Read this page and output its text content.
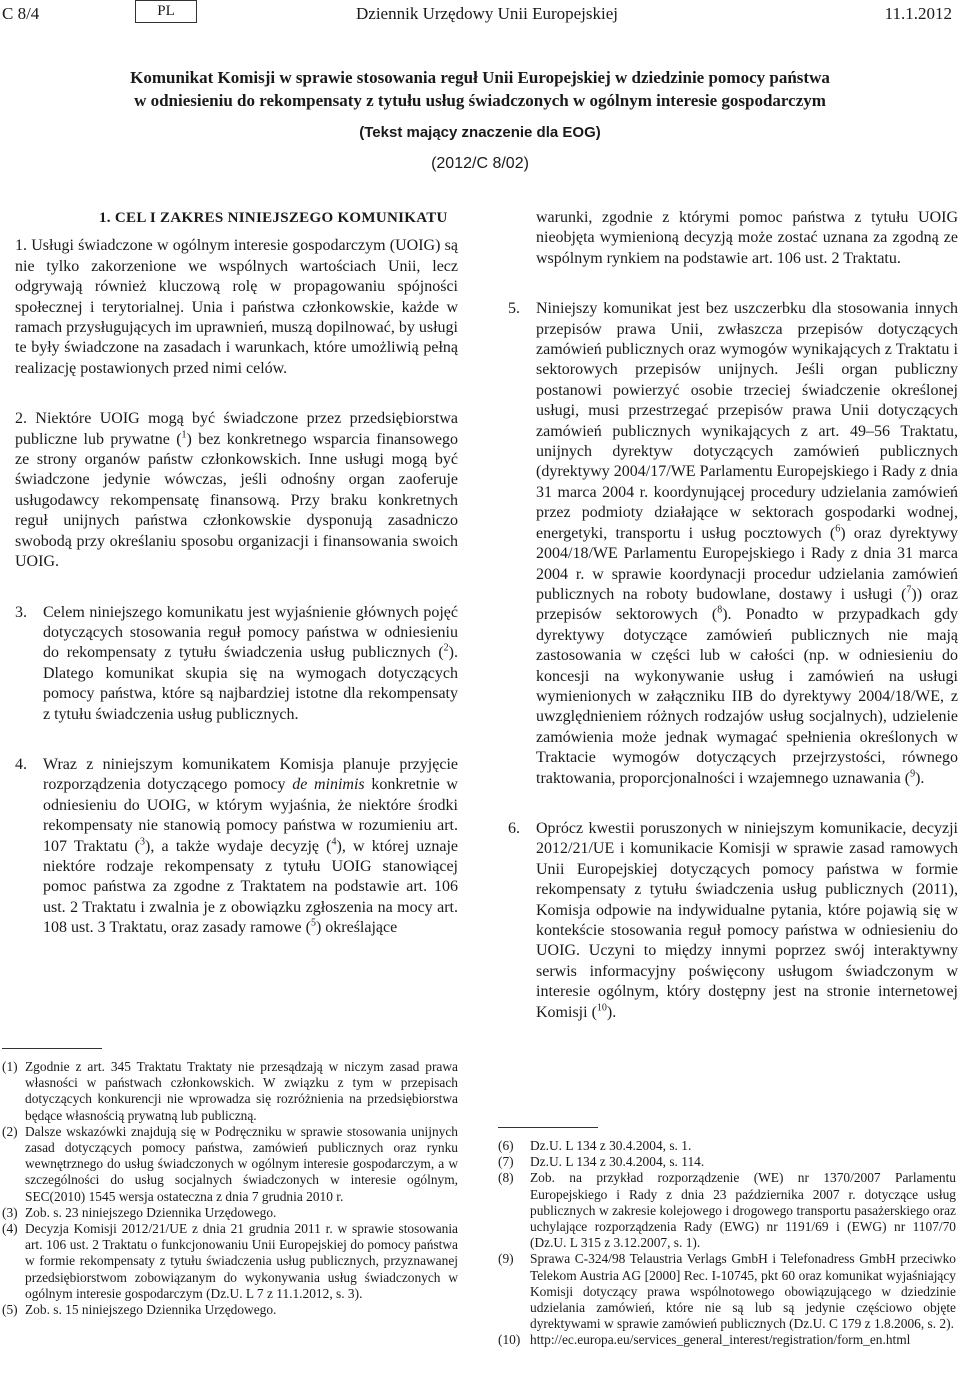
C 8/4	PL	Dziennik Urzędowy Unii Europejskiej	11.1.2012
Komunikat Komisji w sprawie stosowania reguł Unii Europejskiej w dziedzinie pomocy państwa
w odniesieniu do rekompensaty z tytułu usług świadczonych w ogólnym interesie gospodarczym
(Tekst mający znaczenie dla EOG)
(2012/C 8/02)
1. CEL I ZAKRES NINIEJSZEGO KOMUNIKATU

1. Usługi świadczone w ogólnym interesie gospodarczym (UOIG) są nie tylko zakorzenione we wspólnych wartościach Unii, lecz odgrywają również kluczową rolę w propagowaniu spójności społecznej i terytorialnej. Unia i państwa członkowskie, każde w ramach przysługujących im uprawnień, muszą dopilnować, by usługi te były świadczone na zasadach i warunkach, które umożliwią pełną realizację postawionych przed nimi celów.

2. Niektóre UOIG mogą być świadczone przez przedsiębiorstwa publiczne lub prywatne ($^1$) bez konkretnego wsparcia finansowego ze strony organów państw członkowskich. Inne usługi mogą być świadczone jedynie wówczas, jeśli odnośny organ zaoferuje usługodawcy rekompensatę finansową. Przy braku konkretnych reguł unijnych państwa członkowskie dysponują zasadniczo swobodą przy określaniu sposobu organizacji i finansowania swoich UOIG.

3.	Celem niniejszego komunikatu jest wyjaśnienie głównych pojęć dotyczących stosowania reguł pomocy państwa w odniesieniu do rekompensaty z tytułu świadczenia usług publicznych ($^2$). Dlatego komunikat skupia się na wymogach dotyczących pomocy państwa, które są najbardziej istotne dla rekompensaty z tytułu świadczenia usług publicznych.
4.	Wraz z niniejszym komunikatem Komisja planuje przyjęcie rozporządzenia dotyczącego pomocy de minimis konkretnie w odniesieniu do UOIG, w którym wyjaśnia, że niektóre środki rekompensaty nie stanowią pomocy państwa w rozumieniu art. 107 Traktatu ($^3$), a także wydaje decyzję ($^4$), w której uznaje niektóre rodzaje rekompensaty z tytułu UOIG stanowiącej pomoc państwa za zgodne z Traktatem na podstawie art. 106 ust. 2 Traktatu i zwalnia je z obowiązku zgłoszenia na mocy art. 108 ust. 3 Traktatu, oraz zasady ramowe ($^5$) określające
(1) Zgodnie z art. 345 Traktatu Traktaty nie przesądzają w niczym zasad prawa własności w państwach członkowskich. W związku z tym w przepisach dotyczących konkurencji nie wprowadza się rozróżnienia na przedsiębiorstwa będące własnością prywatną lub publiczną.
(2) Dalsze wskazówki znajdują się w Podręczniku w sprawie stosowania unijnych zasad dotyczących pomocy państwa, zamówień publicznych oraz rynku wewnętrznego do usług świadczonych w ogólnym interesie gospodarczym, a w szczególności do usług socjalnych świadczonych w interesie ogólnym, SEC(2010) 1545 wersja ostateczna z dnia 7 grudnia 2010 r.
(3) Zob. s. 23 niniejszego Dziennika Urzędowego.
(4) Decyzja Komisji 2012/21/UE z dnia 21 grudnia 2011 r. w sprawie stosowania art. 106 ust. 2 Traktatu o funkcjonowaniu Unii Europejskiej do pomocy państwa w formie rekompensaty z tytułu świadczenia usług publicznych, przyznawanej przedsiębiorstwom zobowiązanym do wykonywania usług świadczonych w ogólnym interesie gospodarczym (Dz.U. L 7 z 11.1.2012, s. 3).
(5) Zob. s. 15 niniejszego Dziennika Urzędowego.
warunki, zgodnie z którymi pomoc państwa z tytułu UOIG nieobjęta wymienioną decyzją może zostać uznana za zgodną ze wspólnym rynkiem na podstawie art. 106 ust. 2 Traktatu.
5.	Niniejszy komunikat jest bez uszczerbku dla stosowania innych przepisów prawa Unii, zwłaszcza przepisów dotyczących zamówień publicznych oraz wymogów wynikających z Traktatu i sektorowych przepisów unijnych. Jeśli organ publiczny postanowi powierzyć osobie trzeciej świadczenie określonej usługi, musi przestrzegać przepisów prawa Unii dotyczących zamówień publicznych wynikających z art. 49–56 Traktatu, unijnych dyrektyw dotyczących zamówień publicznych (dyrektywy 2004/17/WE Parlamentu Europejskiego i Rady z dnia 31 marca 2004 r. koordynującej procedury udzielania zamówień przez podmioty działające w sektorach gospodarki wodnej, energetyki, transportu i usług pocztowych ($^6$) oraz dyrektywy 2004/18/WE Parlamentu Europejskiego i Rady z dnia 31 marca 2004 r. w sprawie koordynacji procedur udzielania zamówień publicznych na roboty budowlane, dostawy i usługi ($^7$)) oraz przepisów sektorowych ($^8$). Ponadto w przypadkach gdy dyrektywy dotyczące zamówień publicznych nie mają zastosowania w części lub w całości (np. w odniesieniu do koncesji na wykonywanie usług i zamówień na usługi wymienionych w załączniku IIB do dyrektywy 2004/18/WE, z uwzględnieniem różnych rodzajów usług socjalnych), udzielenie zamówienia może jednak wymagać spełnienia określonych w Traktacie wymogów dotyczących przejrzystości, równego traktowania, proporcjonalności i wzajemnego uznawania ($^9$).
6.	Oprócz kwestii poruszonych w niniejszym komunikacie, decyzji 2012/21/UE i komunikacie Komisji w sprawie zasad ramowych Unii Europejskiej dotyczących pomocy państwa w formie rekompensaty z tytułu świadczenia usług publicznych (2011), Komisja odpowie na indywidualne pytania, które pojawią się w kontekście stosowania reguł pomocy państwa w odniesieniu do UOIG. Uczyni to między innymi poprzez swój interaktywny serwis informacyjny poświęcony usługom świadczonym w interesie ogólnym, który dostępny jest na stronie internetowej Komisji ($^{10}$).
(6)	Dz.U. L 134 z 30.4.2004, s. 1.
(7)	Dz.U. L 134 z 30.4.2004, s. 114.
(8)	Zob. na przykład rozporządzenie (WE) nr 1370/2007 Parlamentu Europejskiego i Rady z dnia 23 października 2007 r. dotyczące usług publicznych w zakresie kolejowego i drogowego transportu pasażerskiego oraz uchylające rozporządzenia Rady (EWG) nr 1191/69 i (EWG) nr 1107/70 (Dz.U. L 315 z 3.12.2007, s. 1).
(9)	Sprawa C-324/98 Telaustria Verlags GmbH i Telefonadress GmbH przeciwko Telekom Austria AG [2000] Rec. I-10745, pkt 60 oraz komunikat wyjaśniający Komisji dotyczący prawa wspólnotowego obowiązującego w dziedzinie udzielania zamówień, które nie są lub są jedynie częściowo objęte dyrektywami w sprawie zamówień publicznych (Dz.U. C 179 z 1.8.2006, s. 2).
(10) http://ec.europa.eu/services_general_interest/registration/form_en.html
